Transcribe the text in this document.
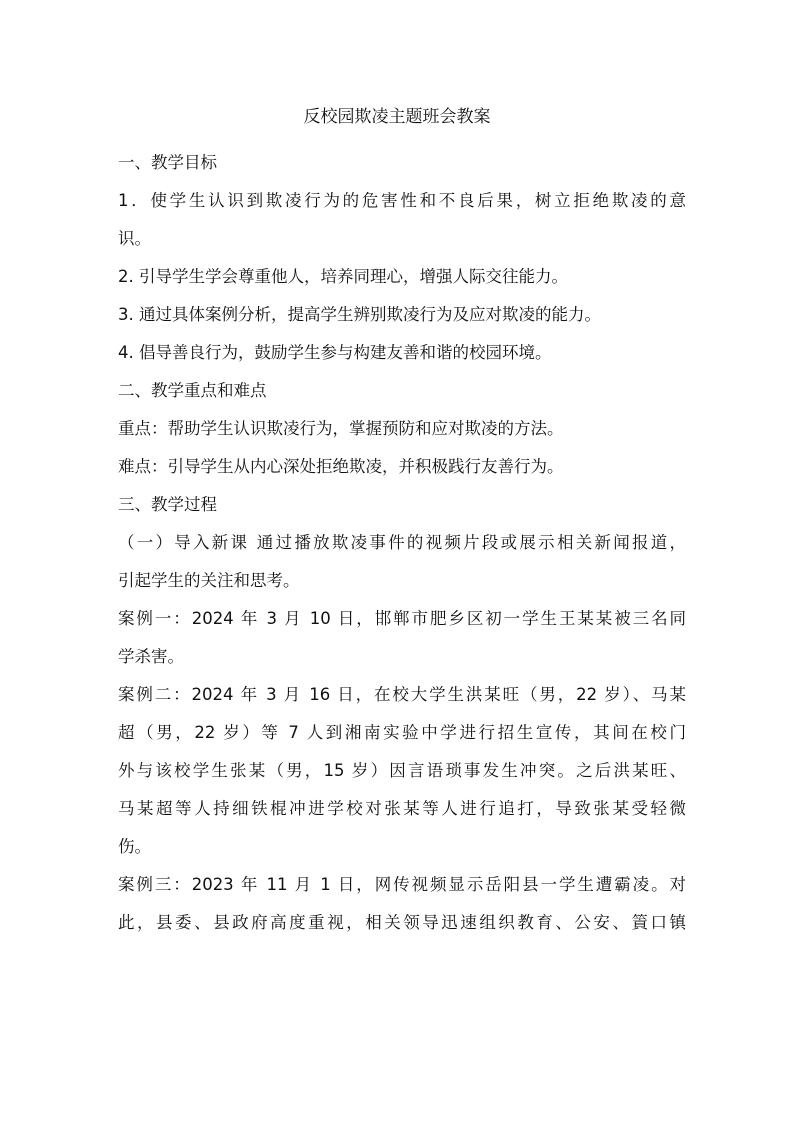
反校园欺凌主题班会教案
一、教学目标
1．使学生认识到欺凌行为的危害性和不良后果，树立拒绝欺凌的意
识。
2. 引导学生学会尊重他人，培养同理心，增强人际交往能力。
3. 通过具体案例分析，提高学生辨别欺凌行为及应对欺凌的能力。
4. 倡导善良行为，鼓励学生参与构建友善和谐的校园环境。
二、教学重点和难点
重点：帮助学生认识欺凌行为，掌握预防和应对欺凌的方法。
难点：引导学生从内心深处拒绝欺凌，并积极践行友善行为。
三、教学过程
（一）导入新课 通过播放欺凌事件的视频片段或展示相关新闻报道，
引起学生的关注和思考。
案例一：2024 年 3 月 10 日，邯郸市肥乡区初一学生王某某被三名同
学杀害。
案例二：2024 年 3 月 16 日，在校大学生洪某旺（男，22 岁）、马某
超（男，22 岁）等 7 人到湘南实验中学进行招生宣传，其间在校门
外与该校学生张某（男，15 岁）因言语琐事发生冲突。之后洪某旺、
马某超等人持细铁棍冲进学校对张某等人进行追打，导致张某受轻微
伤。
案例三：2023 年 11 月 1 日，网传视频显示岳阳县一学生遭霸凌。对
此，县委、县政府高度重视，相关领导迅速组织教育、公安、篢口镇
